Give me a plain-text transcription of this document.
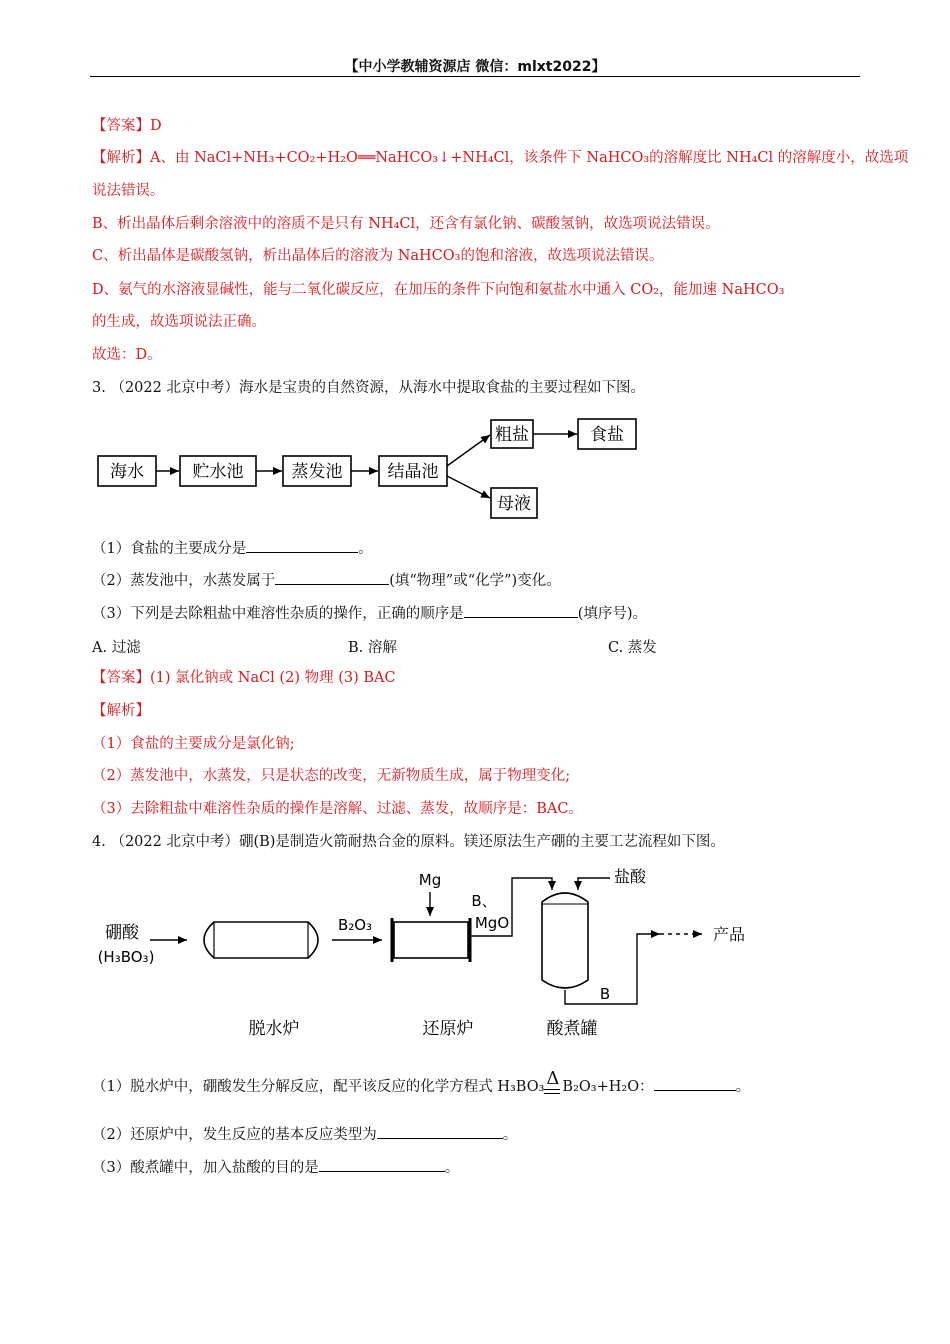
【中小学教辅资源店 微信：mlxt2022】
【答案】D
【解析】A、由 NaCl+NH₃+CO₂+H₂O══NaHCO₃↓+NH₄Cl，该条件下 NaHCO₃的溶解度比 NH₄Cl 的溶解度小，故选项
说法错误。
B、析出晶体后剩余溶液中的溶质不是只有 NH₄Cl，还含有氯化钠、碳酸氢钠，故选项说法错误。
C、析出晶体是碳酸氢钠，析出晶体后的溶液为 NaHCO₃的饱和溶液，故选项说法错误。
D、氨气的水溶液显碱性，能与二氧化碳反应，在加压的条件下向饱和氨盐水中通入 CO₂，能加速 NaHCO₃
的生成，故选项说法正确。
故选：D。
3. （2022 北京中考）海水是宝贵的自然资源，从海水中提取食盐的主要过程如下图。
海水	贮水池	蒸发池	结晶池
粗盐	食盐
母液
（1）食盐的主要成分是	。
（2）蒸发池中，水蒸发属于	(填“物理”或“化学”)变化。
（3）下列是去除粗盐中难溶性杂质的操作，正确的顺序是	(填序号)。
A. 过滤	B. 溶解	C. 蒸发
【答案】(1) 氯化钠或 NaCl (2) 物理 (3) BAC
【解析】
（1）食盐的主要成分是氯化钠;
（2）蒸发池中，水蒸发，只是状态的改变，无新物质生成，属于物理变化;
（3）去除粗盐中难溶性杂质的操作是溶解、过滤、蒸发，故顺序是：BAC。
4. （2022 北京中考）硼(B)是制造火箭耐热合金的原料。镁还原法生产硼的主要工艺流程如下图。
硼酸
(H₃BO₃)
B₂O₃
Mg
B、
MgO
盐酸
B
产品
脱水炉	还原炉	酸煮罐
（1）脱水炉中，硼酸发生分解反应，配平该反应的化学方程式 H₃BO₃ Δ B₂O₃+H₂O：	。
（2）还原炉中，发生反应的基本反应类型为	。
（3）酸煮罐中，加入盐酸的目的是	。
